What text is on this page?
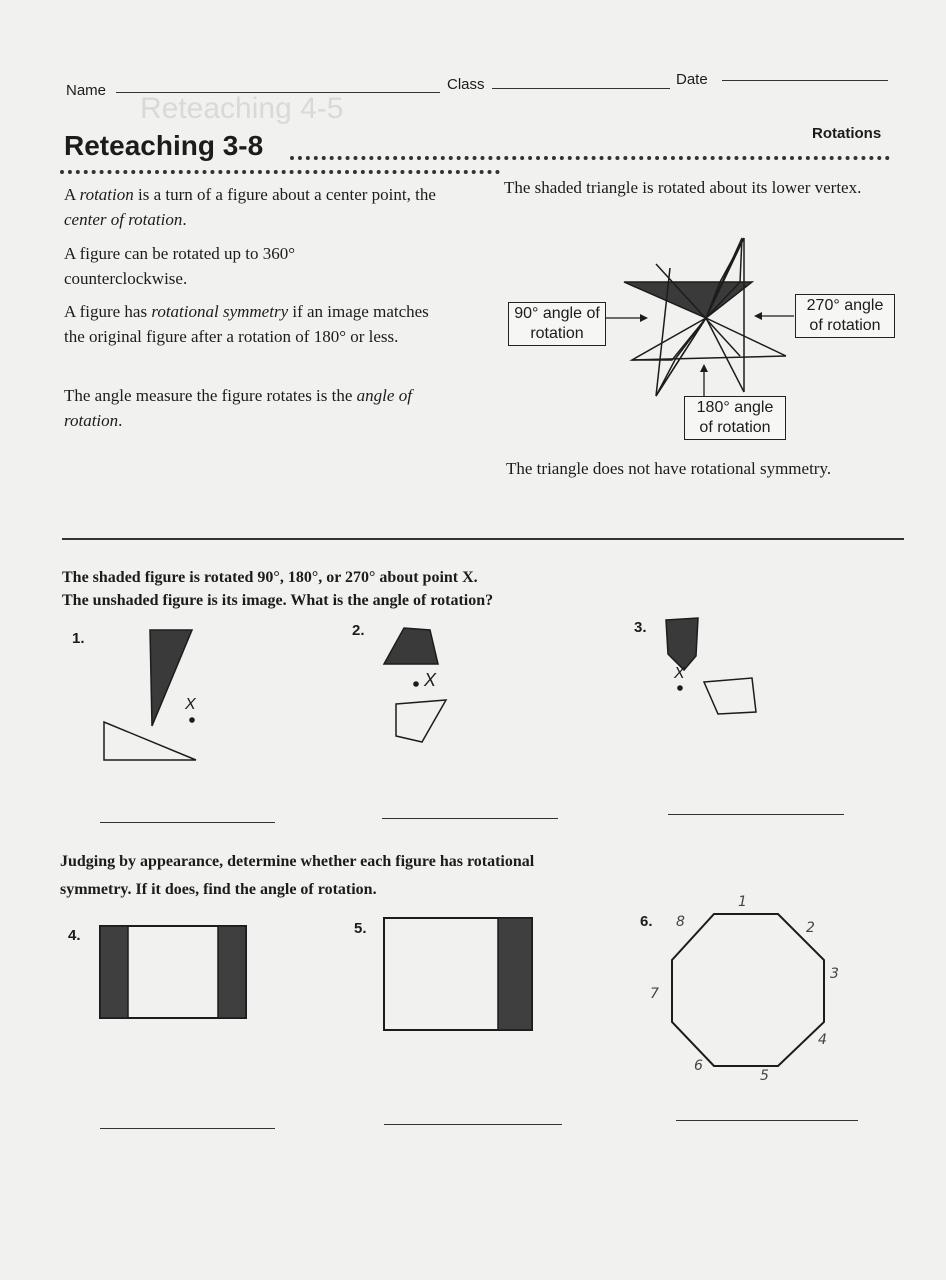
Reteaching 4-5
Name	Class	Date
Reteaching 3-8	Rotations
A rotation is a turn of a figure about a center point, the center of rotation.
A figure can be rotated up to 360° counterclockwise.
A figure has rotational symmetry if an image matches the original figure after a rotation of 180° or less.
The angle measure the figure rotates is the angle of rotation.
The shaded triangle is rotated about its lower vertex.
90° angle of rotation
270° angle of rotation
180° angle of rotation
The triangle does not have rotational symmetry.
The shaded figure is rotated 90°, 180°, or 270° about point X.
The unshaded figure is its image. What is the angle of rotation?
1.	2.	3.
X
X	X
Judging by appearance, determine whether each figure has rotational
symmetry. If it does, find the angle of rotation.
4.	5.	6.
1
2
3
4
5
6
7
8
